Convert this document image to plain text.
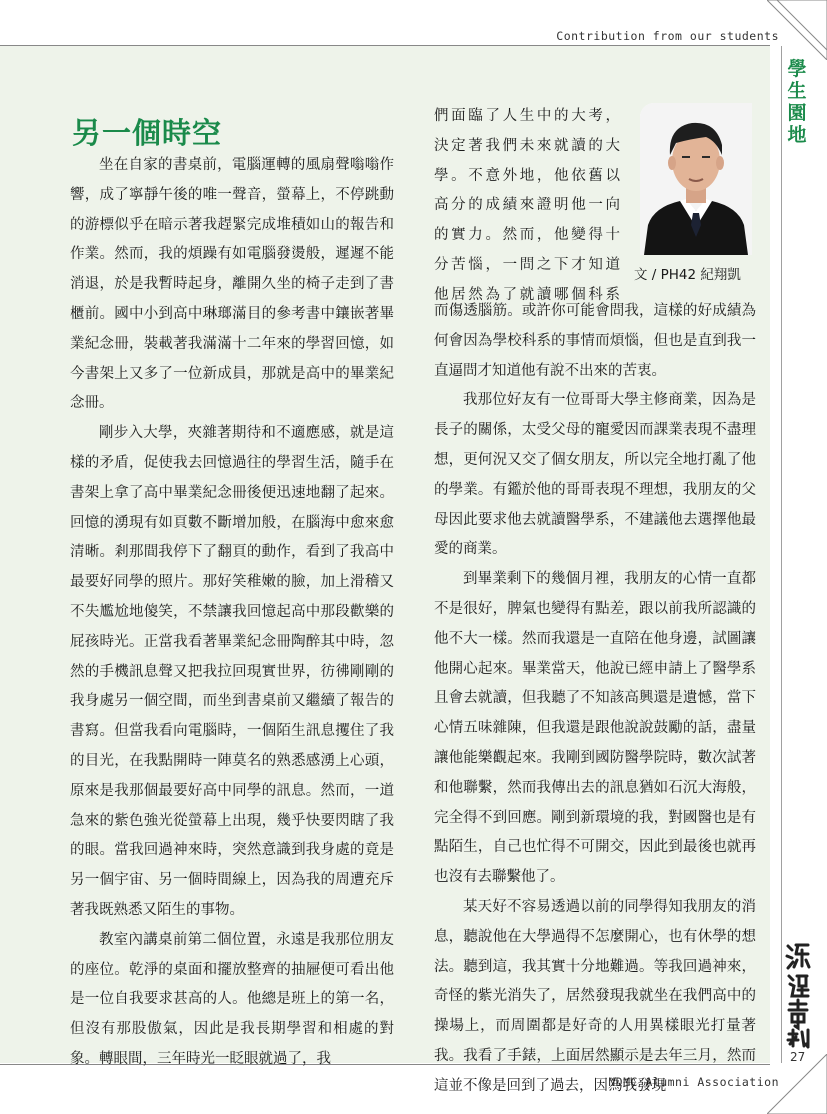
Contribution from our students
學
生
園
地
27
NDMC Alumni Association
另一個時空

坐在自家的書桌前，電腦運轉的風扇聲嗡嗡作響，成了寧靜午後的唯一聲音，螢幕上，不停跳動的游標似乎在暗示著我趕緊完成堆積如山的報告和作業。然而，我的煩躁有如電腦發燙般，遲遲不能消退，於是我暫時起身，離開久坐的椅子走到了書櫃前。國中小到高中琳瑯滿目的參考書中鑲嵌著畢業紀念冊，裝載著我滿滿十二年來的學習回憶，如今書架上又多了一位新成員，那就是高中的畢業紀念冊。

剛步入大學，夾雜著期待和不適應感，就是這樣的矛盾，促使我去回憶過往的學習生活，隨手在書架上拿了高中畢業紀念冊後便迅速地翻了起來。回憶的湧現有如頁數不斷增加般，在腦海中愈來愈清晰。剎那間我停下了翻頁的動作，看到了我高中最要好同學的照片。那好笑稚嫩的臉，加上滑稽又不失尷尬地傻笑，不禁讓我回憶起高中那段歡樂的屁孩時光。正當我看著畢業紀念冊陶醉其中時，忽然的手機訊息聲又把我拉回現實世界，彷彿剛剛的我身處另一個空間，而坐到書桌前又繼續了報告的書寫。但當我看向電腦時，一個陌生訊息攫住了我的目光，在我點開時一陣莫名的熟悉感湧上心頭，原來是我那個最要好高中同學的訊息。然而，一道急來的紫色強光從螢幕上出現，幾乎快要閃瞎了我的眼。當我回過神來時，突然意識到我身處的竟是另一個宇宙、另一個時間線上，因為我的周遭充斥著我既熟悉又陌生的事物。

教室內講桌前第二個位置，永遠是我那位朋友的座位。乾淨的桌面和擺放整齊的抽屜便可看出他是一位自我要求甚高的人。他總是班上的第一名，但沒有那股傲氣，因此是我長期學習和相處的對象。轉眼間，三年時光一眨眼就過了，我

們面臨了人生中的大考，
決定著我們未來就讀的大
學。不意外地，他依舊以
高分的成績來證明他一向
的實力。然而，他變得十
分苦惱，一問之下才知道
他居然為了就讀哪個科系
文 / PH42 紀翔凱
而傷透腦筋。或許你可能會問我，這樣的好成績為何會因為學校科系的事情而煩惱，但也是直到我一直逼問才知道他有說不出來的苦衷。

我那位好友有一位哥哥大學主修商業，因為是長子的關係，太受父母的寵愛因而課業表現不盡理想，更何況又交了個女朋友，所以完全地打亂了他的學業。有鑑於他的哥哥表現不理想，我朋友的父母因此要求他去就讀醫學系，不建議他去選擇他最愛的商業。

到畢業剩下的幾個月裡，我朋友的心情一直都不是很好，脾氣也變得有點差，跟以前我所認識的他不大一樣。然而我還是一直陪在他身邊，試圖讓他開心起來。畢業當天，他說已經申請上了醫學系且會去就讀，但我聽了不知該高興還是遺憾，當下心情五味雜陳，但我還是跟他說說鼓勵的話，盡量讓他能樂觀起來。我剛到國防醫學院時，數次試著和他聯繫，然而我傳出去的訊息猶如石沉大海般，完全得不到回應。剛到新環境的我，對國醫也是有點陌生，自己也忙得不可開交，因此到最後也就再也沒有去聯繫他了。

某天好不容易透過以前的同學得知我朋友的消息，聽說他在大學過得不怎麼開心，也有休學的想法。聽到這，我其實十分地難過。等我回過神來，奇怪的紫光消失了，居然發現我就坐在我們高中的操場上，而周圍都是好奇的人用異樣眼光打量著我。我看了手錶，上面居然顯示是去年三月，然而這並不像是回到了過去，因為我發現
